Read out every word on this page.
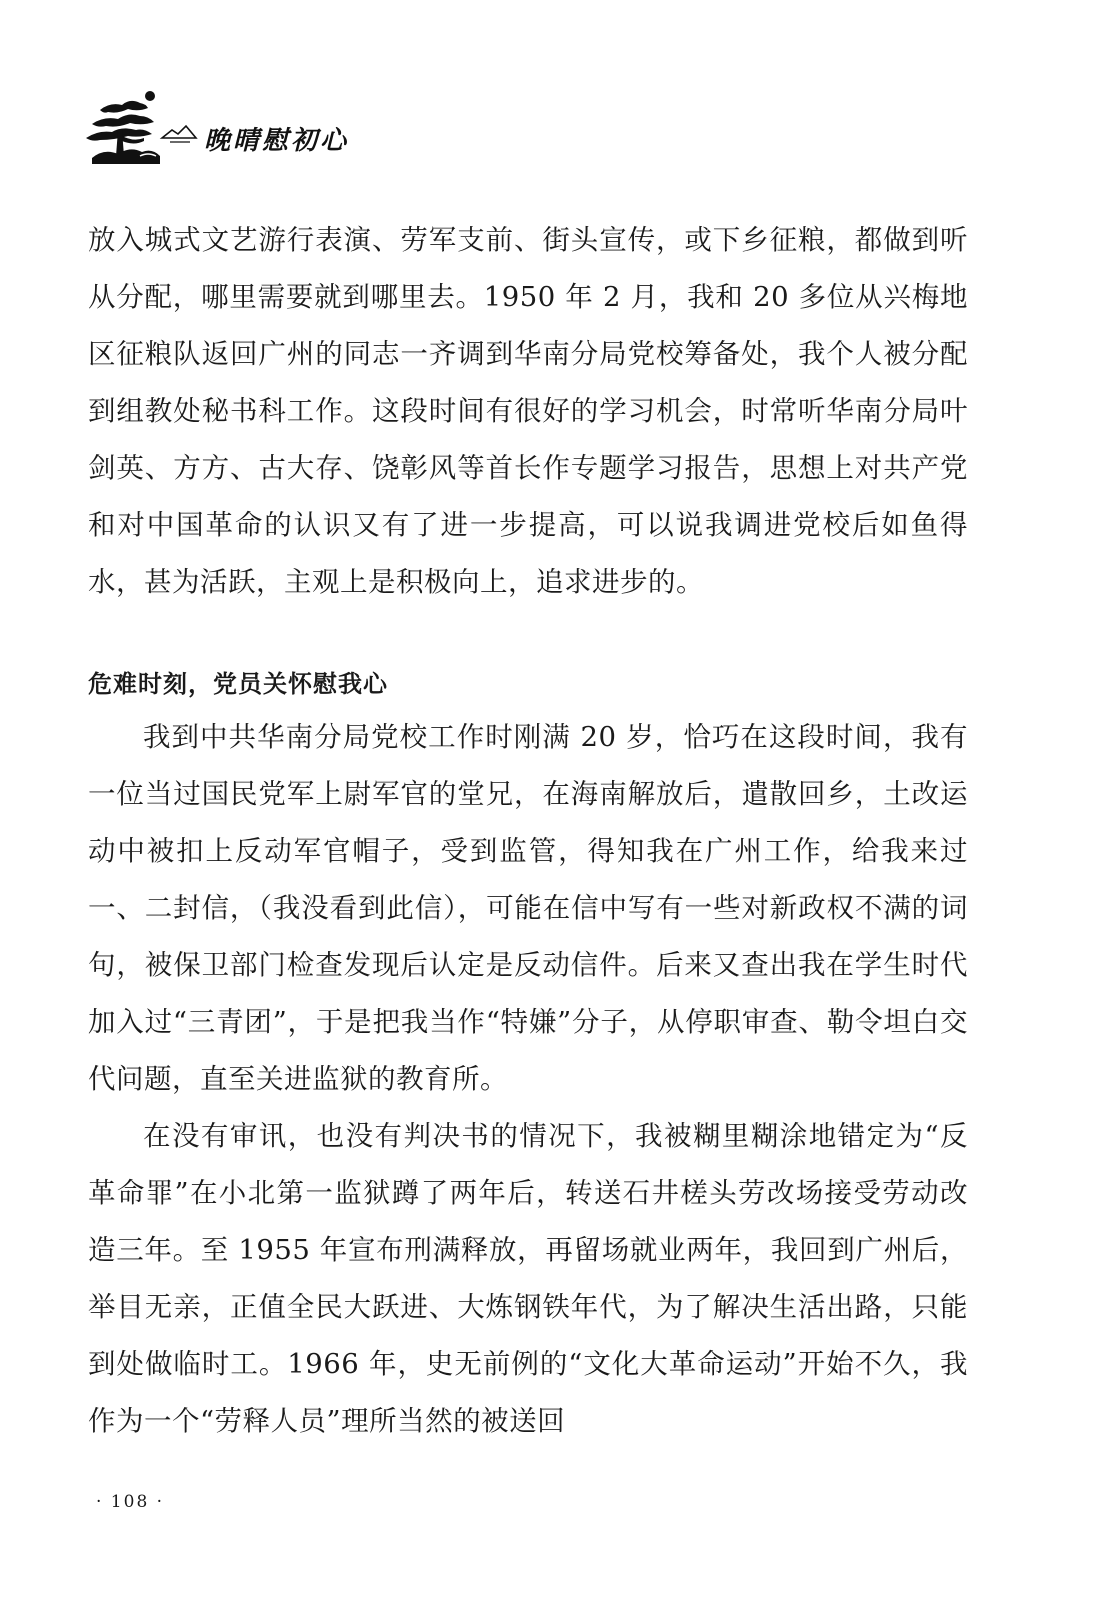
晚晴慰初心

放入城式文艺游行表演、劳军支前、街头宣传，或下乡征粮，都做到听从分配，哪里需要就到哪里去。1950 年 2 月，我和 20 多位从兴梅地区征粮队返回广州的同志一齐调到华南分局党校筹备处，我个人被分配到组教处秘书科工作。这段时间有很好的学习机会，时常听华南分局叶剑英、方方、古大存、饶彰风等首长作专题学习报告，思想上对共产党和对中国革命的认识又有了进一步提高，可以说我调进党校后如鱼得水，甚为活跃，主观上是积极向上，追求进步的。

危难时刻，党员关怀慰我心

我到中共华南分局党校工作时刚满 20 岁，恰巧在这段时间，我有一位当过国民党军上尉军官的堂兄，在海南解放后，遣散回乡，土改运动中被扣上反动军官帽子，受到监管，得知我在广州工作，给我来过一、二封信，（我没看到此信），可能在信中写有一些对新政权不满的词句，被保卫部门检查发现后认定是反动信件。后来又查出我在学生时代加入过“三青团”，于是把我当作“特嫌”分子，从停职审查、勒令坦白交代问题，直至关进监狱的教育所。

在没有审讯，也没有判决书的情况下，我被糊里糊涂地错定为“反革命罪”在小北第一监狱蹲了两年后，转送石井槎头劳改场接受劳动改造三年。至 1955 年宣布刑满释放，再留场就业两年，我回到广州后，举目无亲，正值全民大跃进、大炼钢铁年代，为了解决生活出路，只能到处做临时工。1966 年，史无前例的“文化大革命运动”开始不久，我作为一个“劳释人员”理所当然的被送回

· 108 ·
